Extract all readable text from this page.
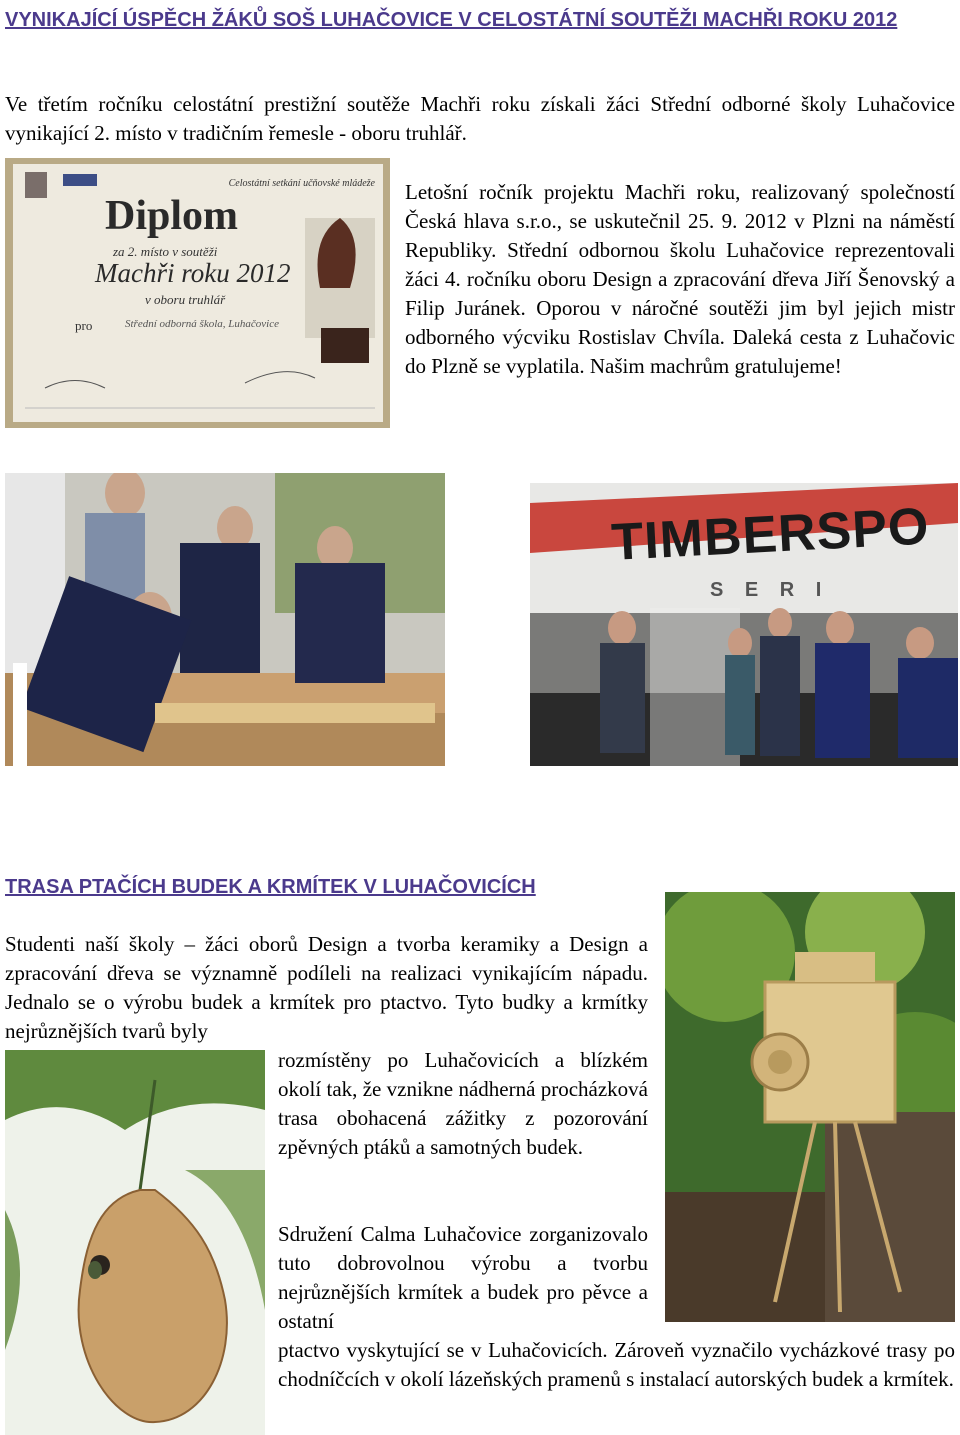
VYNIKAJÍCÍ ÚSPĚCH ŽÁKŮ SOŠ LUHAČOVICE V CELOSTÁTNÍ SOUTĚŽI MACHŘI ROKU 2012

Ve třetím ročníku celostátní prestižní soutěže Machři roku získali žáci Střední odborné školy Luhačovice vynikající 2. místo v tradičním řemesle - oboru truhlář.

Celostátní setkání učňovské mládeže
Diplom
za 2. místo v soutěži
Machři roku 2012
v oboru truhlář
pro	Střední odborná škola, Luhačovice

Letošní ročník projektu Machři roku, realizovaný společností Česká hlava s.r.o., se uskutečnil 25. 9. 2012 v Plzni na náměstí Republiky. Střední odbornou školu Luhačovice reprezentovali žáci 4. ročníku oboru Design a zpracování dřeva Jiří Šenovský a Filip Juránek. Oporou v náročné soutěži jim byl jejich mistr odborného výcviku Rostislav Chvíla. Daleká cesta z Luhačovic do Plzně se vyplatila. Našim machrům gratulujeme!

TIMBERSPO
S E R I
TRASA PTAČÍCH BUDEK A KRMÍTEK V LUHAČOVICÍCH

Studenti naší školy – žáci oborů Design a tvorba keramiky a Design a zpracování dřeva se významně podíleli na realizaci vynikajícím nápadu. Jednalo se o výrobu budek a krmítek pro ptactvo. Tyto budky a krmítky nejrůznějších tvarů byly

rozmístěny po Luhačovicích a blízkém okolí tak, že vznikne nádherná procházková trasa obohacená zážitky z pozorování zpěvných ptáků a samotných budek.

Sdružení Calma Luhačovice zorganizovalo tuto dobrovolnou výrobu a tvorbu nejrůznějších krmítek a budek pro pěvce a ostatní

ptactvo vyskytující se v Luhačovicích. Zároveň vyznačilo vycházkové trasy po chodníčcích v okolí lázeňských pramenů s instalací autorských budek a krmítek.
